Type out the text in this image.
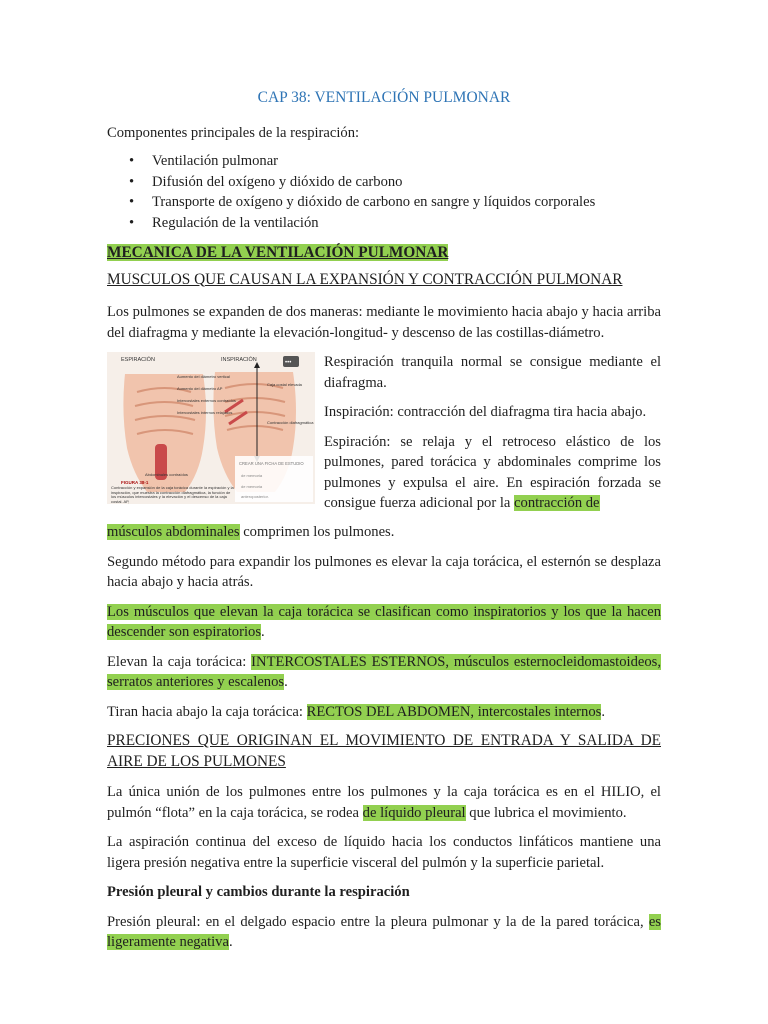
CAP 38: VENTILACIÓN PULMONAR

Componentes principales de la respiración:

• Ventilación pulmonar
• Difusión del oxígeno y dióxido de carbono
• Transporte de oxígeno y dióxido de carbono en sangre y líquidos corporales
• Regulación de la ventilación
MECANICA DE LA VENTILACIÓN PULMONAR

MUSCULOS QUE CAUSAN LA EXPANSIÓN Y CONTRACCIÓN PULMONAR

Los pulmones se expanden de dos maneras: mediante le movimiento hacia abajo y hacia arriba del diafragma y mediante la elevación-longitud- y descenso de las costillas-diámetro.

ESPIRACIÓN	INSPIRACIÓN
Aumento del diámetro vertical
Aumento del diámetro AP
Intercostales externos contraídos
Intercostales internos relajados
Abdominales contraídos
Caja costal elevada
Contracción diafragmática
CREAR UNA FICHA DE ESTUDIO
de memoria
de memoria
anteroposterior.
•••
FIGURA 38-1
Contracción y expansión de la caja torácica durante la espiración y la inspiración, que muestra la contracción diafragmática, la función de los músculos intercostales y la elevación y el descenso de la caja costal. AP,

Respiración tranquila normal se consigue mediante el diafragma.

Inspiración: contracción del diafragma tira hacia abajo.

Espiración: se relaja y el retroceso elástico de los pulmones, pared torácica y abdominales comprime los pulmones y expulsa el aire. En espiración forzada se consigue fuerza adicional por la contracción de

músculos abdominales comprimen los pulmones.

Segundo método para expandir los pulmones es elevar la caja torácica, el esternón se desplaza hacia abajo y hacia atrás.

Los músculos que elevan la caja torácica se clasifican como inspiratorios y los que la hacen descender son espiratorios.

Elevan la caja torácica: INTERCOSTALES ESTERNOS, músculos esternocleidomastoideos, serratos anteriores y escalenos.

Tiran hacia abajo la caja torácica: RECTOS DEL ABDOMEN, intercostales internos.

PRECIONES QUE ORIGINAN EL MOVIMIENTO DE ENTRADA Y SALIDA DE AIRE DE LOS PULMONES

La única unión de los pulmones entre los pulmones y la caja torácica es en el HILIO, el pulmón “flota” en la caja torácica, se rodea de líquido pleural que lubrica el movimiento.

La aspiración continua del exceso de líquido hacia los conductos linfáticos mantiene una ligera presión negativa entre la superficie visceral del pulmón y la superficie parietal.

Presión pleural y cambios durante la respiración

Presión pleural: en el delgado espacio entre la pleura pulmonar y la de la pared torácica, es ligeramente negativa.
